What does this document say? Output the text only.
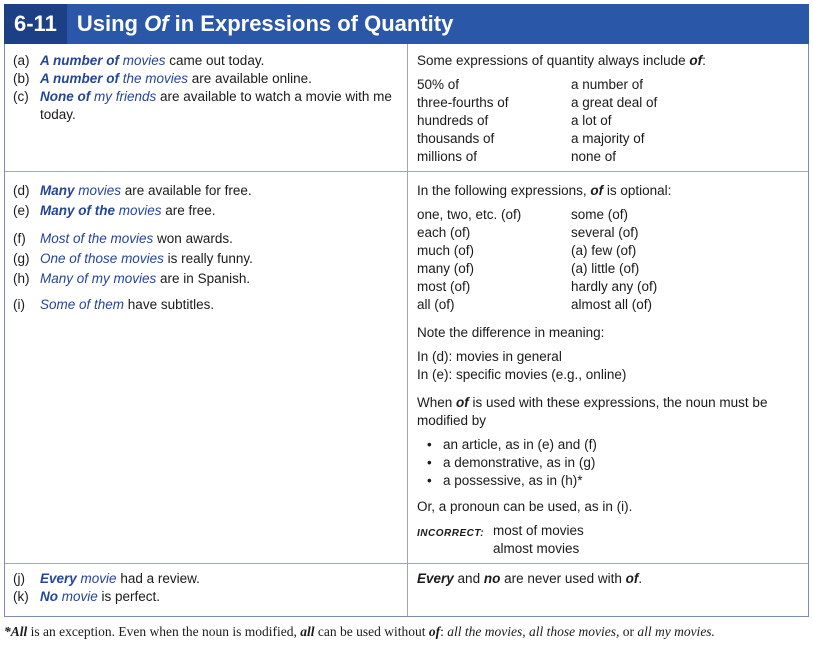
6-11 Using Of in Expressions of Quantity
(a) A number of movies came out today.
(b) A number of the movies are available online.
(c) None of my friends are available to watch a movie with me today.
Some expressions of quantity always include of:
50% of	a number of
three-fourths of	a great deal of
hundreds of	a lot of
thousands of	a majority of
millions of	none of
(d) Many movies are available for free.
(e) Many of the movies are free.
(f)	Most of the movies won awards.
(g) One of those movies is really funny.
(h) Many of my movies are in Spanish.
(i)	Some of them have subtitles.
In the following expressions, of is optional:
one, two, etc. (of)	some (of)
each (of)	several (of)
much (of)	(a) few (of)
many (of)	(a) little (of)
most (of)	hardly any (of)
all (of)	almost all (of)
Note the difference in meaning:
In (d): movies in general
In (e): specific movies (e.g., online)
When of is used with these expressions, the noun must be modified by
• an article, as in (e) and (f)
• a demonstrative, as in (g)
• a possessive, as in (h)*
Or, a pronoun can be used, as in (i).
INCORRECT: most of movies
almost movies
(j)	Every movie had a review.
(k) No movie is perfect.
Every and no are never used with of.
*All is an exception. Even when the noun is modified, all can be used without of: all the movies, all those movies, or all my movies.
